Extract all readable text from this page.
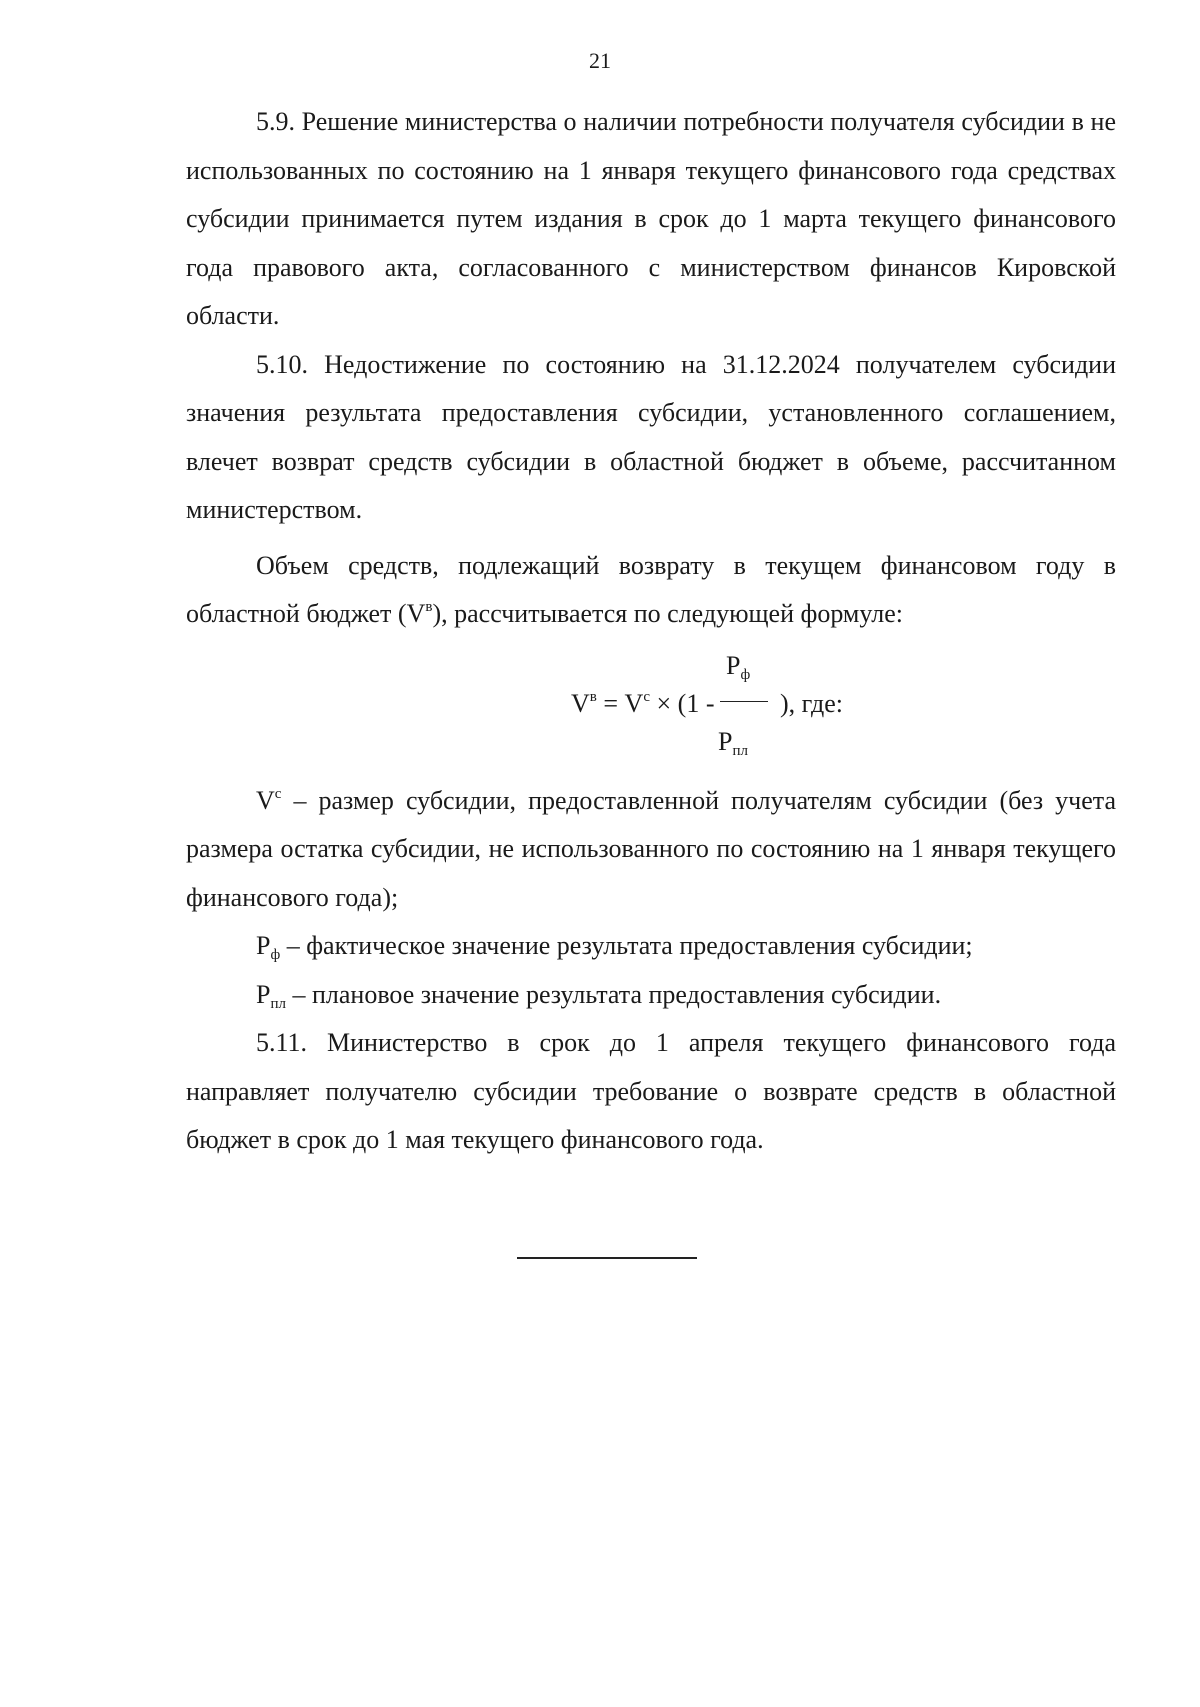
21

5.9. Решение министерства о наличии потребности получателя субсидии в не использованных по состоянию на 1 января текущего финансового года средствах субсидии принимается путем издания в срок до 1 марта текущего финансового года правового акта, согласованного с министерством финансов Кировской области.

5.10. Недостижение по состоянию на 31.12.2024 получателем субсидии значения результата предоставления субсидии, установленного соглашением, влечет возврат средств субсидии в областной бюджет в объеме, рассчитанном министерством.

Объем средств, подлежащий возврату в текущем финансовом году в областной бюджет $(V^в)$, рассчитывается по следующей формуле:

$Р_ф$
$Р_{пл}$
$V^в = V^с \times (1$ -	), где:

$V^с$ – размер субсидии, предоставленной получателям субсидии (без учета размера остатка субсидии, не использованного по состоянию на 1 января текущего финансового года);

$Р_ф$ – фактическое значение результата предоставления субсидии;

$Р_{пл}$ – плановое значение результата предоставления субсидии.

5.11. Министерство в срок до 1 апреля текущего финансового года направляет получателю субсидии требование о возврате средств в областной бюджет в срок до 1 мая текущего финансового года.
